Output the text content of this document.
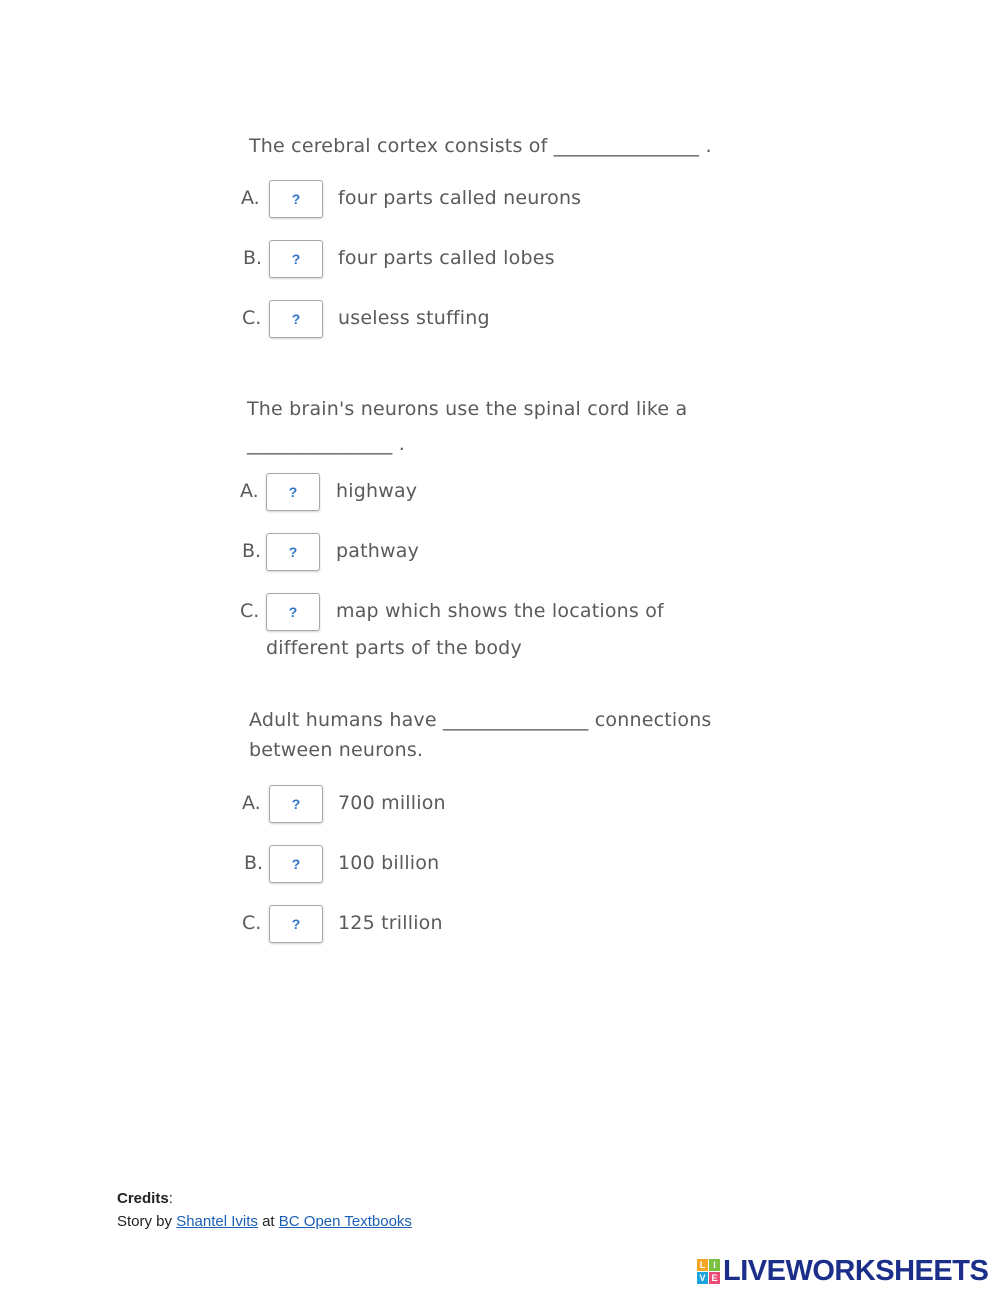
The cerebral cortex consists of _______________ .
A. ? four parts called neurons
B. ? four parts called lobes
C. ? useless stuffing
The brain's neurons use the spinal cord like a _______________ .
A. ? highway
B. ? pathway
C. ?	map which shows the locations of different parts of the body
Adult humans have _______________ connections between neurons.
A. ? 700 million
B. ? 100 billion
C. ? 125 trillion
Credits:
Story by Shantel Ivits at BC Open Textbooks
L I
V E LIVEWORKSHEETS
